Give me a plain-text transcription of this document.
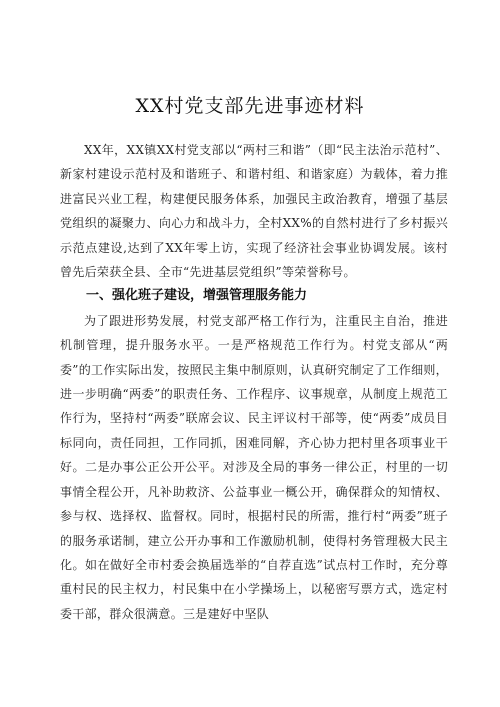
XX村党支部先进事迹材料

XX年，XX镇XX村党支部以“两村三和谐”（即“民主法治示范村”、新家村建设示范村及和谐班子、和谐村组、和谐家庭）为载体，着力推进富民兴业工程，构建便民服务体系，加强民主政治教育，增强了基层党组织的凝聚力、向心力和战斗力，全村XX%的自然村进行了乡村振兴示范点建设,达到了XX年零上访，实现了经济社会事业协调发展。该村曾先后荣获全县、全市“先进基层党组织”等荣誉称号。

一、强化班子建设，增强管理服务能力

为了跟进形势发展，村党支部严格工作行为，注重民主自治，推进机制管理，提升服务水平。一是严格规范工作行为。村党支部从“两委”的工作实际出发，按照民主集中制原则，认真研究制定了工作细则，进一步明确“两委”的职责任务、工作程序、议事规章，从制度上规范工作行为，坚持村“两委”联席会议、民主评议村干部等，使“两委”成员目标同向，责任同担，工作同抓，困难同解，齐心协力把村里各项事业干好。二是办事公正公开公平。对涉及全局的事务一律公正，村里的一切事情全程公开，凡补助救济、公益事业一概公开，确保群众的知情权、参与权、选择权、监督权。同时，根据村民的所需，推行村“两委”班子的服务承诺制，建立公开办事和工作激励机制，使得村务管理极大民主化。如在做好全市村委会换届选举的“自荐直选”试点村工作时，充分尊重村民的民主权力，村民集中在小学操场上，以秘密写票方式，选定村委干部，群众很满意。三是建好中坚队
